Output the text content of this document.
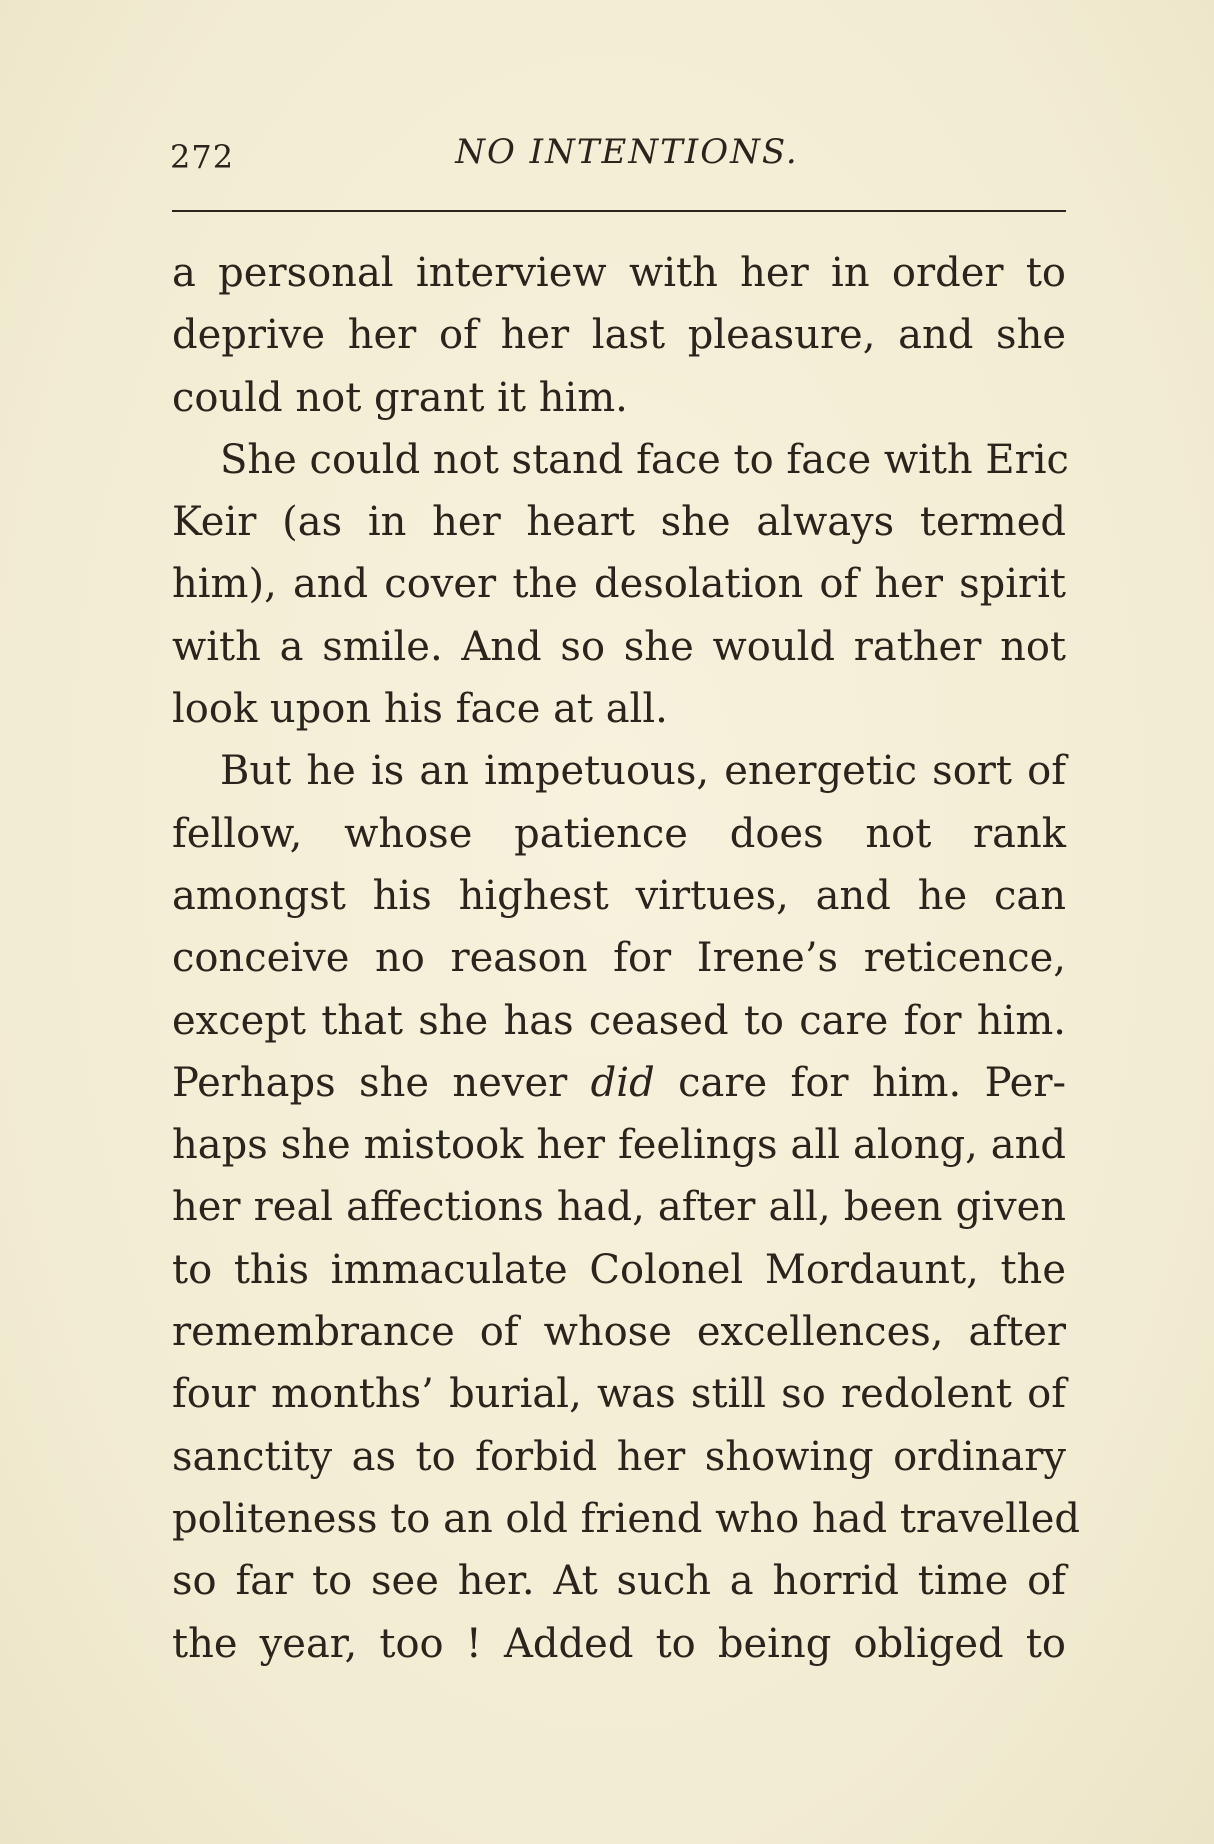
272	NO INTENTIONS.
a personal interview with her in order to
deprive her of her last pleasure, and she
could not grant it him.
She could not stand face to face with Eric
Keir (as in her heart she always termed
him), and cover the desolation of her spirit
with a smile. And so she would rather not
look upon his face at all.
But he is an impetuous, energetic sort of
fellow, whose patience does not rank
amongst his highest virtues, and he can
conceive no reason for Irene’s reticence,
except that she has ceased to care for him.
Perhaps she never did care for him. Per-
haps she mistook her feelings all along, and
her real affections had, after all, been given
to this immaculate Colonel Mordaunt, the
remembrance of whose excellences, after
four months’ burial, was still so redolent of
sanctity as to forbid her showing ordinary
politeness to an old friend who had travelled
so far to see her. At such a horrid time of
the year, too ! Added to being obliged to
